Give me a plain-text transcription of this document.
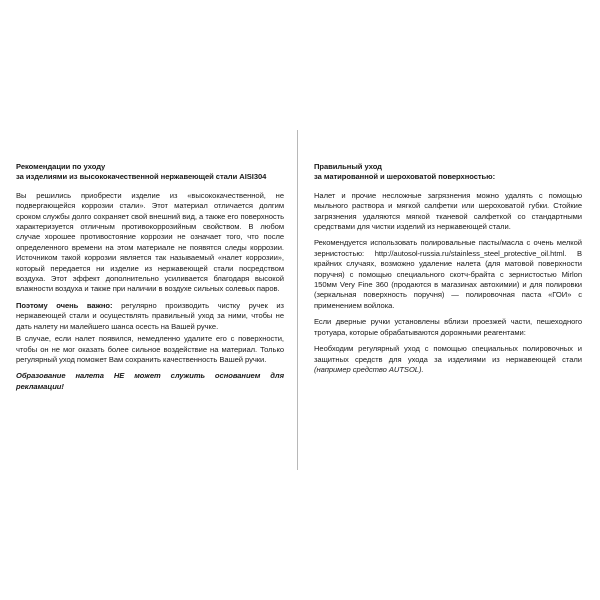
Рекомендации по уходу
за изделиями из высококачественной нержавеющей стали AISI304

Вы решились приобрести изделие из «высококачественной, не подвергающейся коррозии стали». Этот материал отличается долгим сроком службы долго сохраняет свой внешний вид, а также его поверхность характеризуется отличным противокоррозийным свойством. В любом случае хорошее противостояние коррозии не означает того, что после определенного времени на этом материале не появятся следы коррозии. Источником такой коррозии является так называемый «налет коррозии», который передается ни изделие из нержавеющей стали посредством воздуха. Этот эффект дополнительно усиливается благодаря высокой влажности воздуха и также при наличии в воздухе сильных солевых паров.

Поэтому очень важно: регулярно производить чистку ручек из нержавеющей стали и осуществлять правильный уход за ними, чтобы не дать налету ни малейшего шанса осесть на Вашей ручке.

В случае, если налет появился, немедленно удалите его с поверхности, чтобы он не мог оказать более сильное воздействие на материал. Только регулярный уход поможет Вам сохранить качественность Вашей ручки.

Образование налета НЕ может служить основанием для рекламации!

Правильный уход
за матированной и шероховатой поверхностью:

Налет и прочие несложные загрязнения можно удалять с помощью мыльного раствора и мягкой салфетки или шероховатой губки. Стойкие загрязнения удаляются мягкой тканевой салфеткой со стандартными средствами для чистки изделий из нержавеющей стали.

Рекомендуется использовать полировальные пасты/масла с очень мелкой зернистостью: http://autosol-russia.ru/stainless_steel_protective_oil.html. В крайних случаях, возможно удаление налета (для матовой поверхности поручня) с помощью специального скотч-брайта с зернистостью Mirlon 150мм Very Fine 360 (продаются в магазинах автохимии) и для полировки (зеркальная поверхность поручня) — полировочная паста «ГОИ» с применением войлока.

Если дверные ручки установлены вблизи проезжей части, пешеходного тротуара, которые обрабатываются дорожными реагентами:

Необходим регулярный уход с помощью специальных полировочных и защитных средств для ухода за изделиями из нержавеющей стали (например средство AUTSOL).
